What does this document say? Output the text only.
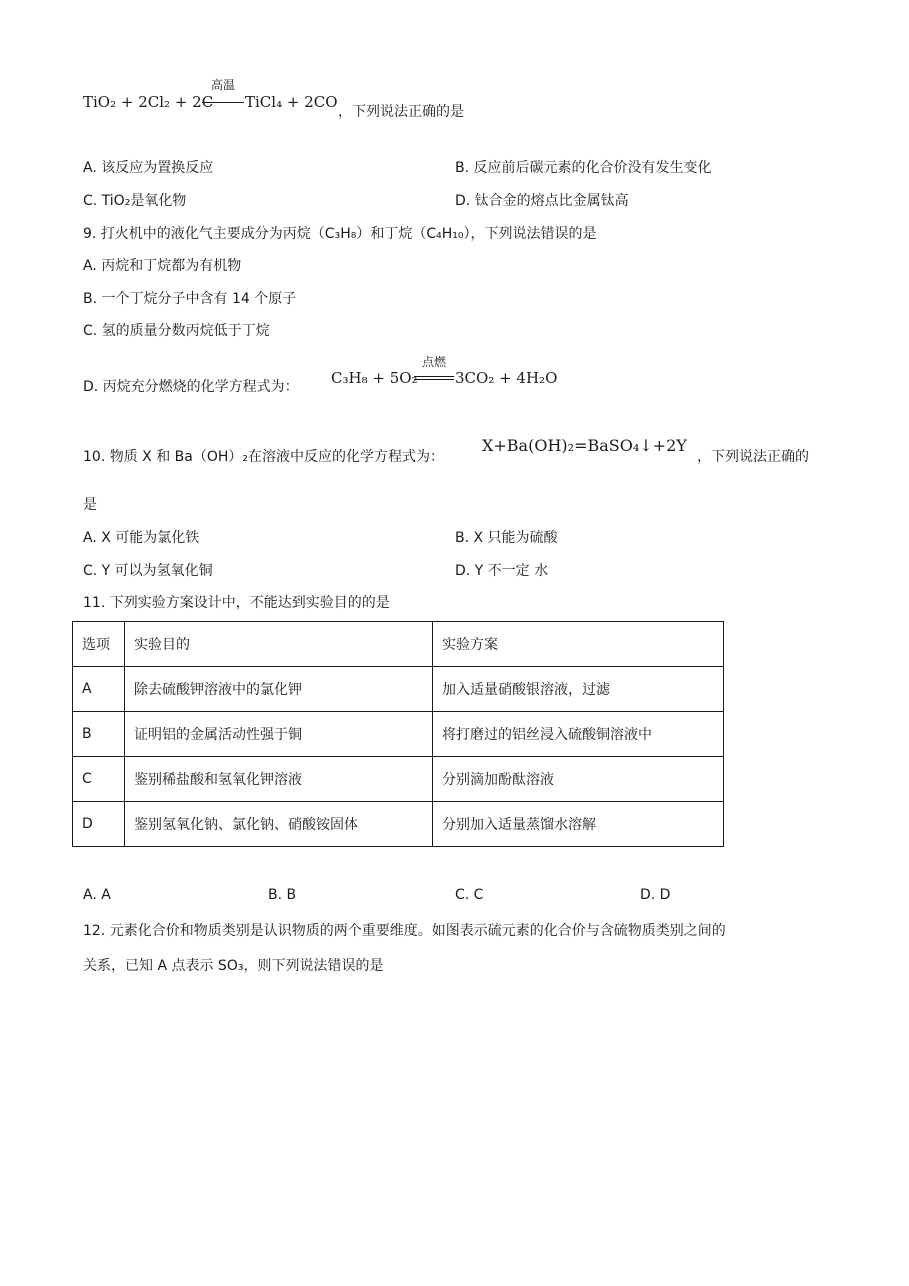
TiO₂ + 2Cl₂ + 2C
高温
TiCl₄ + 2CO
，下列说法正确的是
A. 该反应为置换反应	B. 反应前后碳元素的化合价没有发生变化
C. TiO₂是氧化物	D. 钛合金的熔点比金属钛高
9. 打火机中的液化气主要成分为丙烷（C₃H₈）和丁烷（C₄H₁₀），下列说法错误的是
A. 丙烷和丁烷都为有机物
B. 一个丁烷分子中含有 14 个原子
C. 氢的质量分数丙烷低于丁烷
D. 丙烷充分燃烧的化学方程式为： C₃H₈ + 5O₂
点燃
3CO₂ + 4H₂O
10. 物质 X 和 Ba（OH）₂在溶液中反应的化学方程式为：
X+Ba(OH)₂=BaSO₄↓+2Y
，下列说法正确的
是
A. X 可能为氯化铁	B. X 只能为硫酸
C. Y 可以为氢氧化铜	D. Y 不一定 水
11. 下列实验方案设计中，不能达到实验目的的是
选项	实验目的	实验方案
A	除去硫酸钾溶液中的氯化钾	加入适量硝酸银溶液，过滤
B	证明铝的金属活动性强于铜	将打磨过的铝丝浸入硫酸铜溶液中
C	鉴别稀盐酸和氢氧化钾溶液	分别滴加酚酞溶液
D	鉴别氢氧化钠、氯化钠、硝酸铵固体	分别加入适量蒸馏水溶解
A. A	B. B	C. C	D. D
12. 元素化合价和物质类别是认识物质的两个重要维度。如图表示硫元素的化合价与含硫物质类别之间的
关系，已知 A 点表示 SO₃，则下列说法错误的是
